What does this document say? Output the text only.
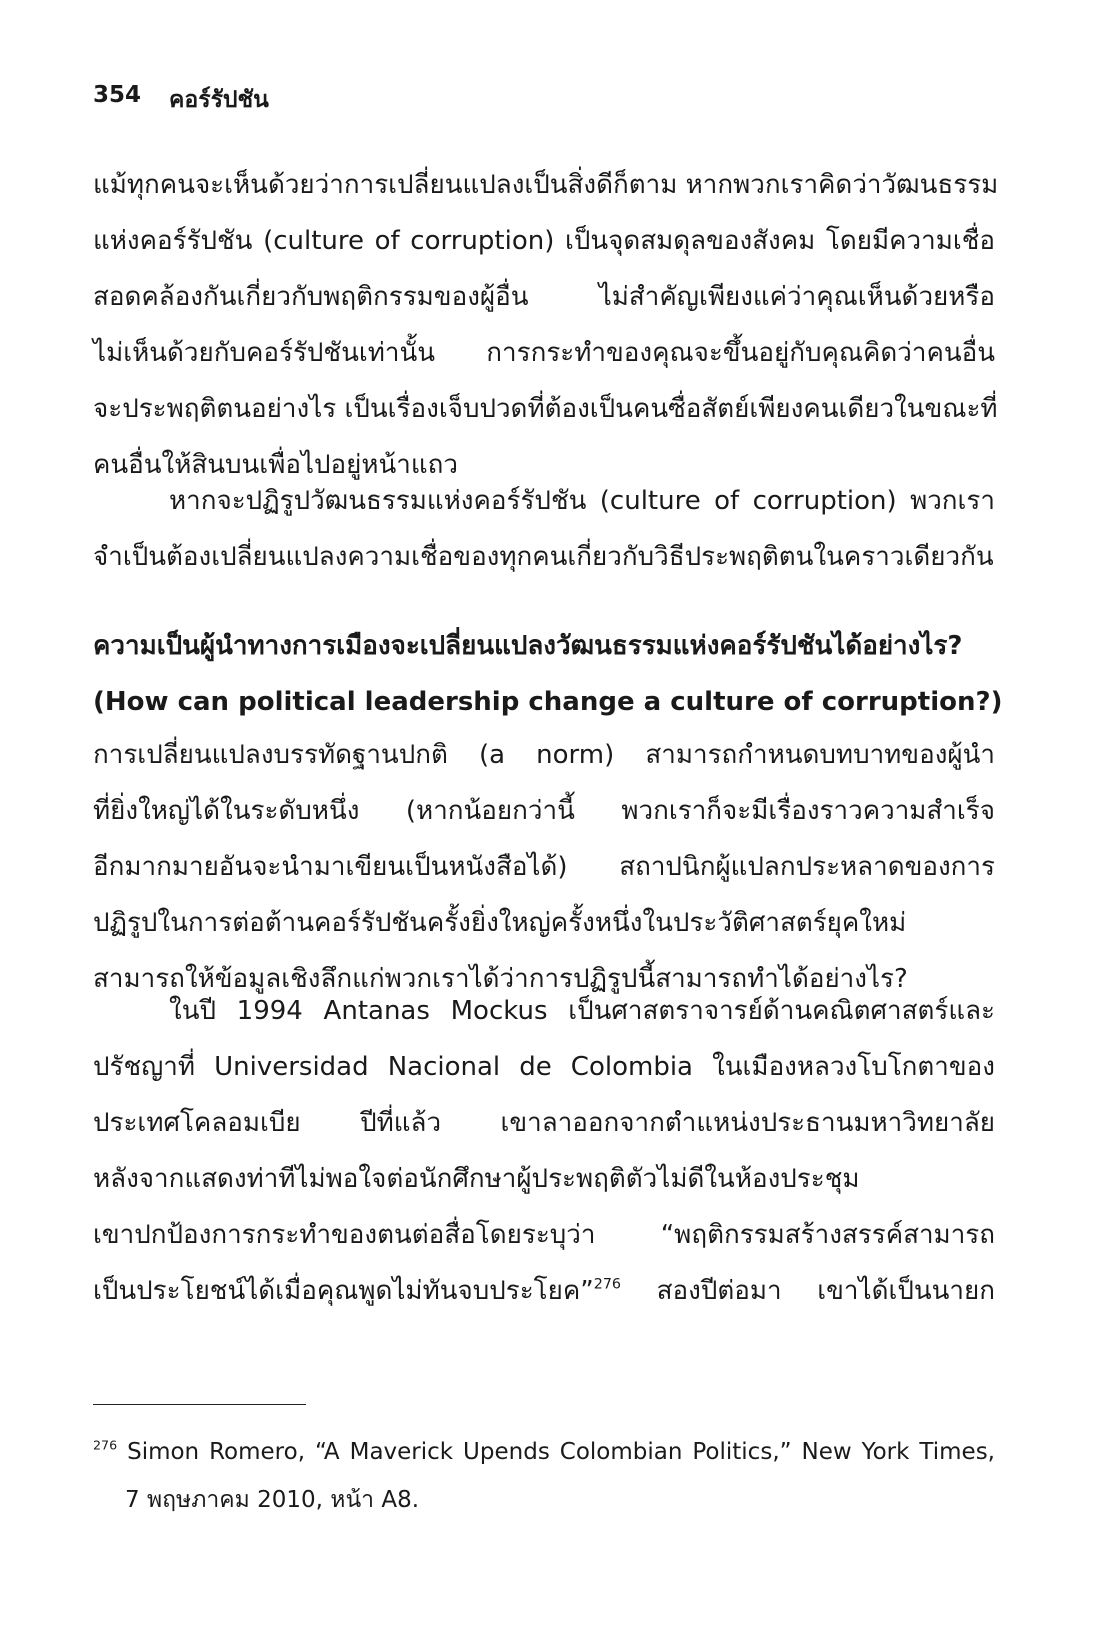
354 คอร์รัปชัน
แม้ทุกคนจะเห็นด้วยว่าการเปลี่ยนแปลงเป็นสิ่งดีก็ตาม หากพวกเราคิดว่าวัฒนธรรม
แห่งคอร์รัปชัน (culture of corruption) เป็นจุดสมดุลของสังคม โดยมีความเชื่อ
สอดคล้องกันเกี่ยวกับพฤติกรรมของผู้อื่น ไม่สำคัญเพียงแค่ว่าคุณเห็นด้วยหรือ
ไม่เห็นด้วยกับคอร์รัปชันเท่านั้น การกระทำของคุณจะขึ้นอยู่กับคุณคิดว่าคนอื่น
จะประพฤติตนอย่างไร เป็นเรื่องเจ็บปวดที่ต้องเป็นคนซื่อสัตย์เพียงคนเดียวในขณะที่
คนอื่นให้สินบนเพื่อไปอยู่หน้าแถว
หากจะปฏิรูปวัฒนธรรมแห่งคอร์รัปชัน (culture of corruption) พวกเรา
จำเป็นต้องเปลี่ยนแปลงความเชื่อของทุกคนเกี่ยวกับวิธีประพฤติตนในคราวเดียวกัน
ความเป็นผู้นำทางการเมืองจะเปลี่ยนแปลงวัฒนธรรมแห่งคอร์รัปชันได้อย่างไร?
(How can political leadership change a culture of corruption?)
การเปลี่ยนแปลงบรรทัดฐานปกติ (a norm) สามารถกำหนดบทบาทของผู้นำ
ที่ยิ่งใหญ่ได้ในระดับหนึ่ง (หากน้อยกว่านี้ พวกเราก็จะมีเรื่องราวความสำเร็จ
อีกมากมายอันจะนำมาเขียนเป็นหนังสือได้) สถาปนิกผู้แปลกประหลาดของการ
ปฏิรูปในการต่อต้านคอร์รัปชันครั้งยิ่งใหญ่ครั้งหนึ่งในประวัติศาสตร์ยุคใหม่
สามารถให้ข้อมูลเชิงลึกแก่พวกเราได้ว่าการปฏิรูปนี้สามารถทำได้อย่างไร?
ในปี 1994 Antanas Mockus เป็นศาสตราจารย์ด้านคณิตศาสตร์และ
ปรัชญาที่ Universidad Nacional de Colombia ในเมืองหลวงโบโกตาของ
ประเทศโคลอมเบีย ปีที่แล้ว เขาลาออกจากตำแหน่งประธานมหาวิทยาลัย
หลังจากแสดงท่าทีไม่พอใจต่อนักศึกษาผู้ประพฤติตัวไม่ดีในห้องประชุม
เขาปกป้องการกระทำของตนต่อสื่อโดยระบุว่า “พฤติกรรมสร้างสรรค์สามารถ
เป็นประโยชน์ได้เมื่อคุณพูดไม่ทันจบประโยค”$^{276}$ สองปีต่อมา เขาได้เป็นนายก
$^{276}$ Simon Romero, “A Maverick Upends Colombian Politics,” New York Times,
7 พฤษภาคม 2010, หน้า A8.
